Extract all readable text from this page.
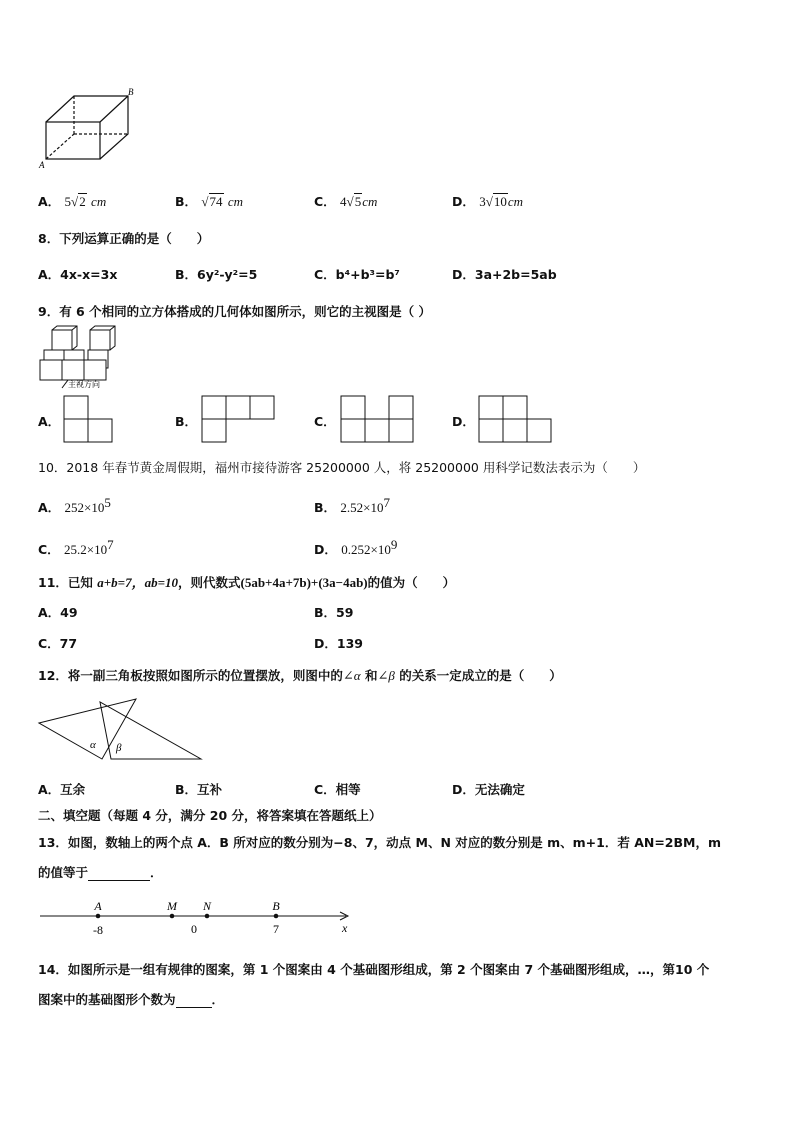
B
A
A． 5√2 cm	B． √74 cm	C． 4√5cm	D． 3√10cm
8．下列运算正确的是（　　）
A．4x-x=3x	B．6y²-y²=5	C．b⁴+b³=b⁷	D．3a+2b=5ab
9．有 6 个相同的立方体搭成的几何体如图所示，则它的主视图是（ ）
主视方向
A．	B．	C．	D．
10．2018 年春节黄金周假期，福州市接待游客 25200000 人，将 25200000 用科学记数法表示为（　　）
A． $252\times 10^5$	B． $2.52\times 10^7$
C． $25.2\times 10^7$	D． $0.252\times 10^9$
11．已知 a+b=7，ab=10，则代数式(5ab+4a+7b)+(3a−4ab)的值为（　　）
A．49	B．59
C．77	D．139
12．将一副三角板按照如图所示的位置摆放，则图中的∠α 和∠β 的关系一定成立的是（　　）
α β
A．互余	B．互补	C．相等	D．无法确定
二、填空题（每题 4 分，满分 20 分，将答案填在答题纸上）
13．如图，数轴上的两个点 A．B 所对应的数分别为−8、7，动点 M、N 对应的数分别是 m、m+1．若 AN=2BM，m
的值等于	．
A	M N	B
-8	0	7	x
14．如图所示是一组有规律的图案，第 1 个图案由 4 个基础图形组成，第 2 个图案由 7 个基础图形组成，…，第10 个
图案中的基础图形个数为	．
